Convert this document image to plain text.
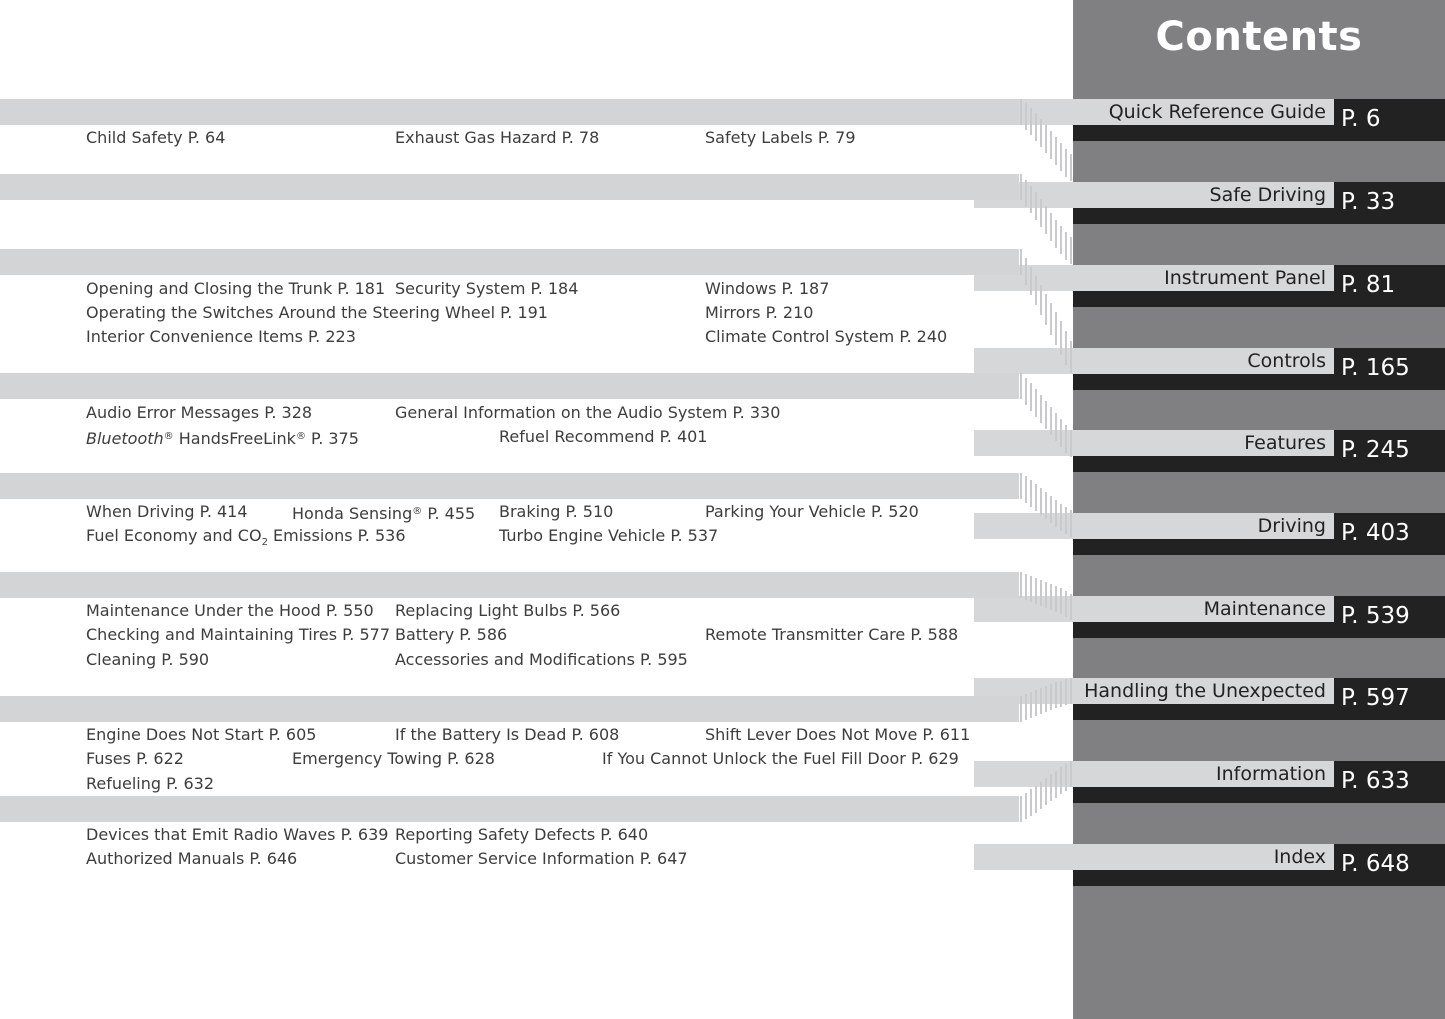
Contents
Quick Reference Guide P. 6
Safe Driving P. 33
Instrument Panel P. 81
Controls P. 165
Features P. 245
Driving P. 403
Maintenance P. 539
Handling the Unexpected P. 597
Information P. 633
Index P. 648
Child Safety P. 64	Exhaust Gas Hazard P. 78	Safety Labels P. 79
Opening and Closing the Trunk P. 181 Security System P. 184	Windows P. 187
Operating the Switches Around the Steering Wheel P. 191	Mirrors P. 210
Interior Convenience Items P. 223	Climate Control System P. 240
Audio Error Messages P. 328	General Information on the Audio System P. 330
Bluetooth® HandsFreeLink® P. 375	Refuel Recommend P. 401
When Driving P. 414	Honda Sensing® P. 455 Braking P. 510	Parking Your Vehicle P. 520
Fuel Economy and $CO_2$ Emissions P. 536	Turbo Engine Vehicle P. 537
Maintenance Under the Hood P. 550 Replacing Light Bulbs P. 566
Checking and Maintaining Tires P. 577 Battery P. 586	Remote Transmitter Care P. 588
Cleaning P. 590	Accessories and Modifications P. 595
Engine Does Not Start P. 605	If the Battery Is Dead P. 608	Shift Lever Does Not Move P. 611
Fuses P. 622	Emergency Towing P. 628	If You Cannot Unlock the Fuel Fill Door P. 629
Refueling P. 632
Devices that Emit Radio Waves P. 639 Reporting Safety Defects P. 640
Authorized Manuals P. 646	Customer Service Information P. 647
